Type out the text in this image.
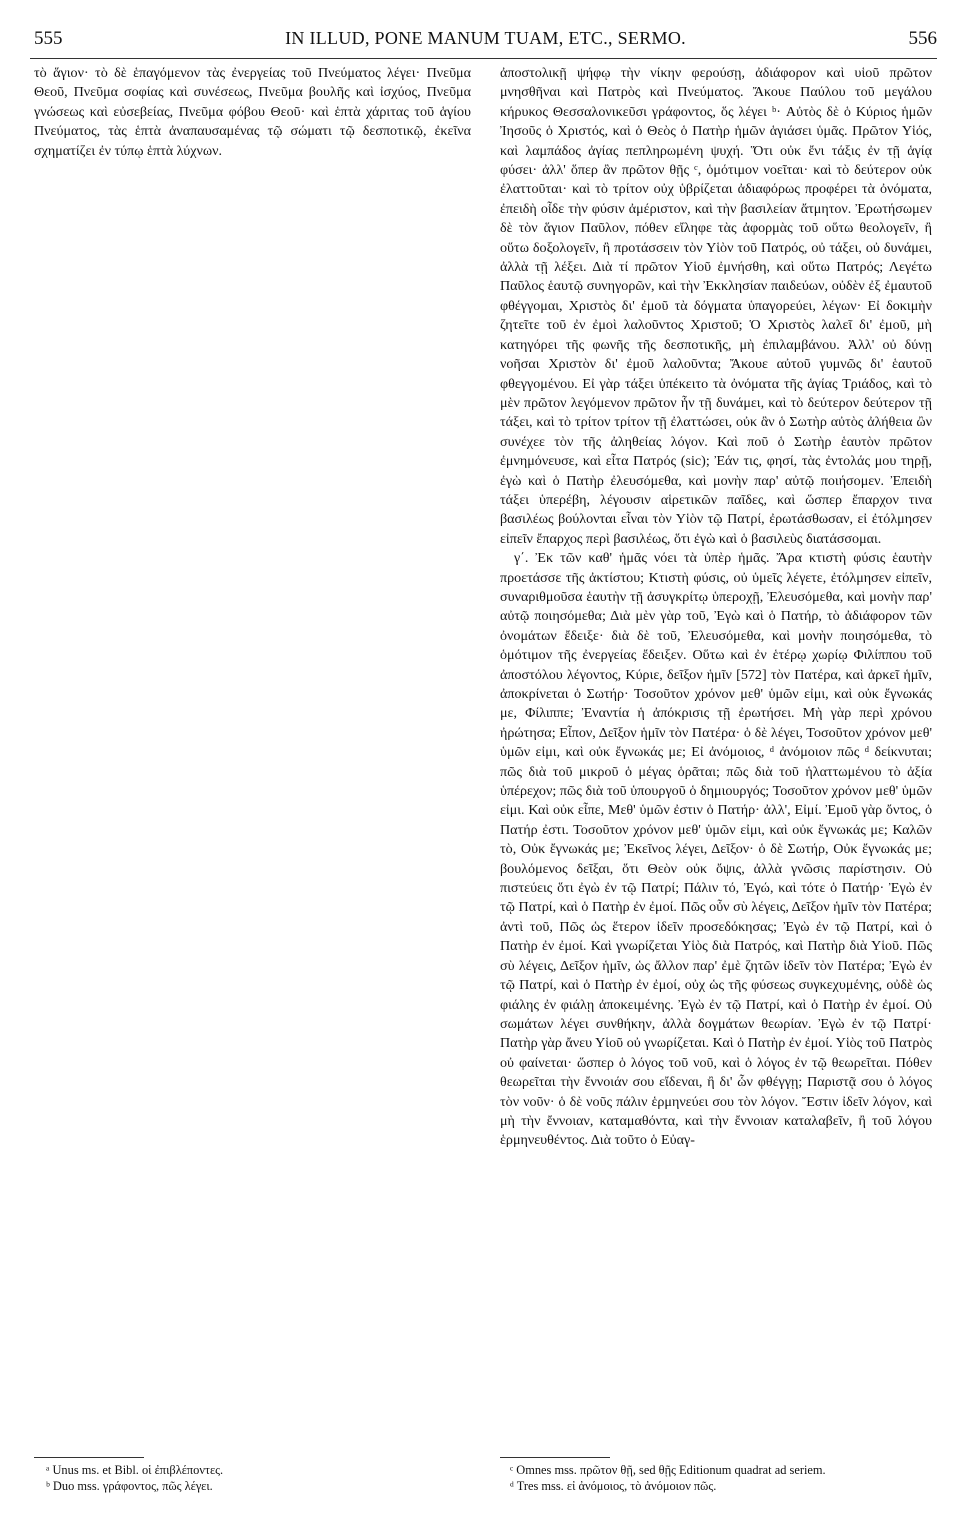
555	IN ILLUD, PONE MANUM TUAM, ETC., SERMO.	556

τὸ ἅγιον· τὸ δὲ ἑπαγόμενον τὰς ἐνεργείας τοῦ Πνεύματος λέγει· Πνεῦμα Θεοῦ, Πνεῦμα σοφίας καὶ συνέσεως, Πνεῦμα βουλῆς καὶ ἰσχύος, Πνεῦμα γνώσεως καὶ εὐσεβείας, Πνεῦμα φόβου Θεοῦ· καὶ ἑπτὰ χάριτας τοῦ ἁγίου Πνεύματος, τὰς ἑπτὰ ἀναπαυσαμένας τῷ σώματι τῷ δεσποτικῷ, ἐκεῖνα σχηματίζει ἐν τύπῳ ἑπτὰ λύχνων.

ἀποστολικῇ ψήφῳ τὴν νίκην φερούσῃ, ἀδιάφορον καὶ υἱοῦ πρῶτον μνησθῆναι καὶ Πατρὸς καὶ Πνεύματος. Ἄκουε Παύλου τοῦ μεγάλου κήρυκος Θεσσαλονικεῦσι γράφοντος, ὅς λέγει ᵇ· Αὐτὸς δὲ ὁ Κύριος ἡμῶν Ἰησοῦς ὁ Χριστός, καὶ ὁ Θεὸς ὁ Πατὴρ ἡμῶν ἁγιάσει ὑμᾶς. Πρῶτον Υἱός, καὶ λαμπάδος ἀγίας πεπληρωμένη ψυχή. Ὅτι οὐκ ἔνι τάξις ἐν τῇ ἁγίᾳ φύσει· ἀλλ' ὅπερ ἂν πρῶτον θῇς ᶜ, ὁμότιμον νοεῖται· καὶ τὸ δεύτερον οὐκ ἐλαττοῦται· καὶ τὸ τρίτον οὐχ ὑβρίζεται ἀδιαφόρως προφέρει τὰ ὀνόματα, ἐπειδὴ οἶδε τὴν φύσιν ἀμέριστον, καὶ τὴν βασιλείαν ἄτμητον. Ἐρωτήσωμεν δὲ τὸν ἅγιον Παῦλον, πόθεν εἴληφε τὰς ἀφορμὰς τοῦ οὕτω θεολογεῖν, ἢ οὕτω δοξολογεῖν, ἢ προτάσσειν τὸν Υἱὸν τοῦ Πατρός, οὐ τάξει, οὐ δυνάμει, ἀλλὰ τῇ λέξει. Διὰ τί πρῶτον Υἱοῦ ἐμνήσθη, καὶ οὕτω Πατρός; Λεγέτω Παῦλος ἑαυτῷ συνηγορῶν, καὶ τὴν Ἐκκλησίαν παιδεύων, οὐδὲν ἐξ ἐμαυτοῦ φθέγγομαι, Χριστὸς δι' ἐμοῦ τὰ δόγματα ὑπαγορεύει, λέγων· Εἰ δοκιμὴν ζητεῖτε τοῦ ἐν ἐμοὶ λαλοῦντος Χριστοῦ; Ὁ Χριστὸς λαλεῖ δι' ἐμοῦ, μὴ κατηγόρει τῆς φωνῆς τῆς δεσποτικῆς, μὴ ἐπιλαμβάνου. Ἀλλ' οὐ δύνῃ νοῆσαι Χριστὸν δι' ἐμοῦ λαλοῦντα; Ἄκουε αὐτοῦ γυμνῶς δι' ἑαυτοῦ φθεγγομένου. Εἰ γὰρ τάξει ὑπέκειτο τὰ ὀνόματα τῆς ἁγίας Τριάδος, καὶ τὸ μὲν πρῶτον λεγόμενον πρῶτον ἦν τῇ δυνάμει, καὶ τὸ δεύτερον δεύτερον τῇ τάξει, καὶ τὸ τρίτον τρίτον τῇ ἐλαττώσει, οὐκ ἂν ὁ Σωτὴρ αὐτὸς ἀλήθεια ὢν συνέχεε τὸν τῆς ἀληθείας λόγον. Καὶ ποῦ ὁ Σωτὴρ ἑαυτὸν πρῶτον ἐμνημόνευσε, καὶ εἶτα Πατρός (sic); Ἐάν τις, φησί, τὰς ἐντολάς μου τηρῇ, ἐγὼ καὶ ὁ Πατὴρ ἐλευσόμεθα, καὶ μονὴν παρ' αὐτῷ ποιήσομεν. Ἐπειδὴ τάξει ὑπερέβη, λέγουσιν αἱρετικῶν παῖδες, καὶ ὥσπερ ἔπαρχον τινα βασιλέως βούλονται εἶναι τὸν Υἱὸν τῷ Πατρί, ἐρωτάσθωσαν, εἰ ἐτόλμησεν εἰπεῖν ἔπαρχος περὶ βασιλέως, ὅτι ἐγὼ καὶ ὁ βασιλεὺς διατάσσομαι.

γ΄. Ἐκ τῶν καθ' ἡμᾶς νόει τὰ ὑπὲρ ἡμᾶς. Ἄρα κτιστὴ φύσις ἑαυτὴν προετάσσε τῆς ἀκτίστου; Κτιστὴ φύσις, οὐ ὑμεῖς λέγετε, ἐτόλμησεν εἰπεῖν, συναριθμοῦσα ἑαυτὴν τῇ ἀσυγκρίτῳ ὑπεροχῇ, Ἐλευσόμεθα, καὶ μονὴν παρ' αὐτῷ ποιησόμεθα; Διὰ μὲν γὰρ τοῦ, Ἐγὼ καὶ ὁ Πατήρ, τὸ ἀδιάφορον τῶν ὀνομάτων ἔδειξε· διὰ δὲ τοῦ, Ἐλευσόμεθα, καὶ μονὴν ποιησόμεθα, τὸ ὁμότιμον τῆς ἐνεργείας ἔδειξεν. Οὕτω καὶ ἐν ἑτέρῳ χωρίῳ Φιλίππου τοῦ ἀποστόλου λέγοντος, Κύριε, δεῖξον ἡμῖν [572] τὸν Πατέρα, καὶ ἀρκεῖ ἡμῖν, ἀποκρίνεται ὁ Σωτήρ· Τοσοῦτον χρόνον μεθ' ὑμῶν εἰμι, καὶ οὐκ ἔγνωκάς με, Φίλιππε; Ἐναντία ἡ ἀπόκρισις τῇ ἐρωτήσει. Μὴ γὰρ περὶ χρόνου ἠρώτησα; Εἶπον, Δεῖξον ἡμῖν τὸν Πατέρα· ὁ δὲ λέγει, Τοσοῦτον χρόνον μεθ' ὑμῶν εἰμι, καὶ οὐκ ἔγνωκάς με; Εἰ ἀνόμοιος, ᵈ ἀνόμοιον πῶς ᵈ δείκνυται; πῶς διὰ τοῦ μικροῦ ὁ μέγας ὁρᾶται; πῶς διὰ τοῦ ἡλαττωμένου τὸ ἀξία ὑπέρεχον; πῶς διὰ τοῦ ὑπουργοῦ ὁ δημιουργός; Τοσοῦτον χρόνον μεθ' ὑμῶν εἰμι. Καὶ οὐκ εἶπε, Μεθ' ὑμῶν ἐστιν ὁ Πατήρ· ἀλλ', Εἰμί. Ἐμοῦ γὰρ ὄντος, ὁ Πατήρ ἐστι. Τοσοῦτον χρόνον μεθ' ὑμῶν εἰμι, καὶ οὐκ ἔγνωκάς με; Καλῶν τὸ, Οὐκ ἔγνωκάς με; Ἐκεῖνος λέγει, Δεῖξον· ὁ δὲ Σωτήρ, Οὐκ ἔγνωκάς με; βουλόμενος δεῖξαι, ὅτι Θεὸν οὐκ ὄψις, ἀλλὰ γνῶσις παρίστησιν. Οὐ πιστεύεις ὅτι ἐγὼ ἐν τῷ Πατρί; Πάλιν τό, Ἐγώ, καὶ τότε ὁ Πατήρ· Ἐγὼ ἐν τῷ Πατρί, καὶ ὁ Πατὴρ ἐν ἐμοί. Πῶς οὖν σὺ λέγεις, Δεῖξον ἡμῖν τὸν Πατέρα; ἀντὶ τοῦ, Πῶς ὡς ἕτερον ἰδεῖν προσεδόκησας; Ἐγὼ ἐν τῷ Πατρί, καὶ ὁ Πατὴρ ἐν ἐμοί. Καὶ γνωρίζεται Υἱὸς διὰ Πατρός, καὶ Πατὴρ διὰ Υἱοῦ. Πῶς σὺ λέγεις, Δεῖξον ἡμῖν, ὡς ἄλλον παρ' ἐμὲ ζητῶν ἰδεῖν τὸν Πατέρα; Ἐγὼ ἐν τῷ Πατρί, καὶ ὁ Πατὴρ ἐν ἐμοί, οὐχ ὡς τῆς φύσεως συγκεχυμένης, οὐδὲ ὡς φιάλης ἐν φιάλῃ ἀποκειμένης. Ἐγὼ ἐν τῷ Πατρί, καὶ ὁ Πατὴρ ἐν ἐμοί. Οὐ σωμάτων λέγει συνθήκην, ἀλλὰ δογμάτων θεωρίαν. Ἐγὼ ἐν τῷ Πατρί· Πατὴρ γὰρ ἄνευ Υἱοῦ οὐ γνωρίζεται. Καὶ ὁ Πατὴρ ἐν ἐμοί. Υἱὸς τοῦ Πατρὸς οὐ φαίνεται· ὥσπερ ὁ λόγος τοῦ νοῦ, καὶ ὁ λόγος ἐν τῷ θεωρεῖται. Πόθεν θεωρεῖται τὴν ἔννοιάν σου εἴδεναι, ἢ δι' ὧν φθέγγῃ; Παριστᾷ σου ὁ λόγος τὸν νοῦν· ὁ δὲ νοῦς πάλιν ἑρμηνεύει σου τὸν λόγον. Ἔστιν ἰδεῖν λόγον, καὶ μὴ τὴν ἔννοιαν, καταμαθόντα, καὶ τὴν ἔννοιαν καταλαβεῖν, ἢ τοῦ λόγου ἑρμηνευθέντος. Διὰ τοῦτο ὁ Εὐαγ-

ᵃ Unus ms. et Bibl. οἱ ἐπιβλέποντες.

ᵇ Duo mss. γράφοντος, πῶς λέγει.

ᶜ Omnes mss. πρῶτον θῇ, sed θῇς Editionum quadrat ad seriem.

ᵈ Tres mss. εἰ ἀνόμοιος, τὸ ἀνόμοιον πῶς.
